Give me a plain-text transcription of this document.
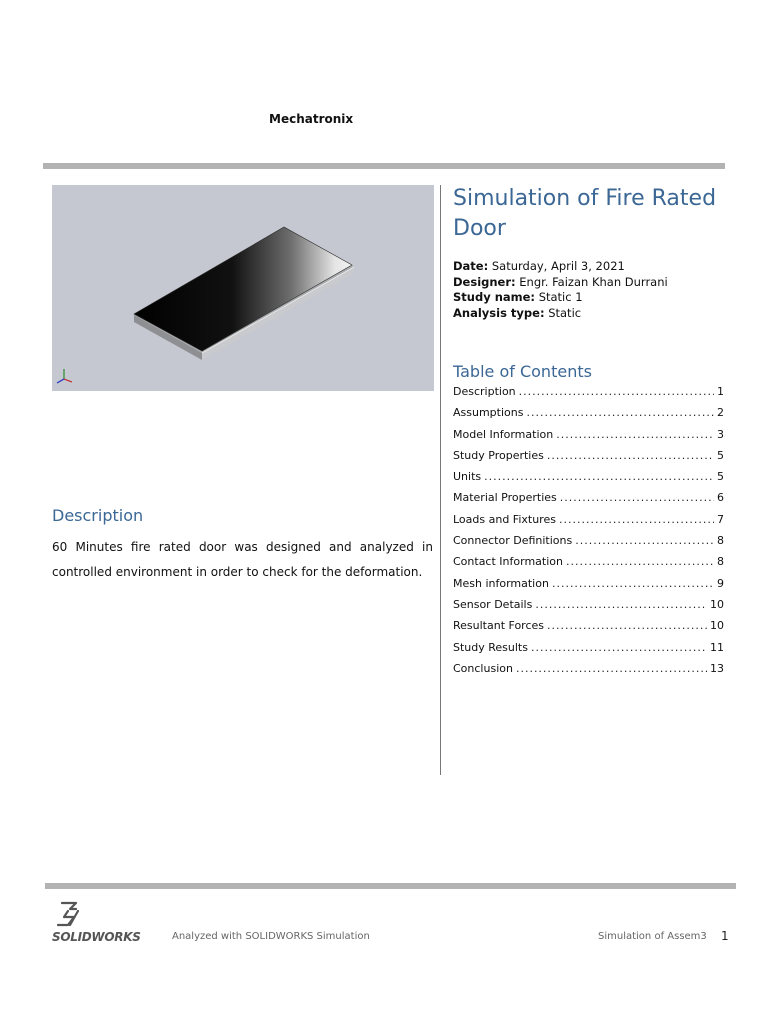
Mechatronix
Simulation of Fire Rated Door
Date: Saturday, April 3, 2021
Designer: Engr. Faizan Khan Durrani
Study name: Static 1
Analysis type: Static
Table of Contents
Description .....	1
Assumptions .....	2
Model Information .....	3
Study Properties .....	5
Units .....	5
Material Properties .....	6
Loads and Fixtures .....	7
Connector Definitions .....	8
Contact Information .....	8
Mesh information .....	9
Sensor Details .....	10
Resultant Forces .....	10
Study Results .....	11
Conclusion .....	13
Description

60 Minutes fire rated door was designed and analyzed in controlled environment in order to check for the deformation.

SOLIDWORKS	Analyzed with SOLIDWORKS Simulation	Simulation of Assem3 1
